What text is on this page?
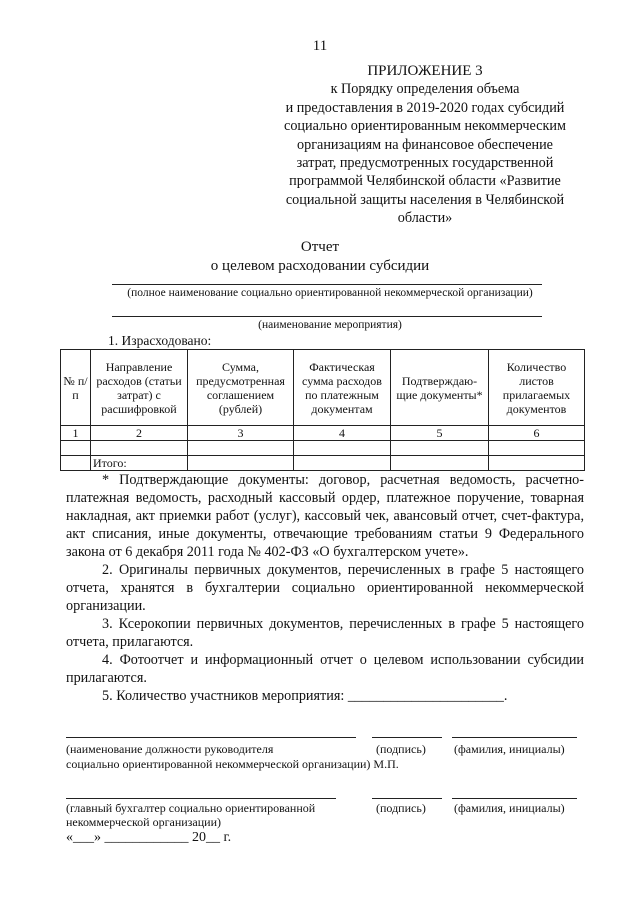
11
ПРИЛОЖЕНИЕ 3
к Порядку определения объема
и предоставления в 2019-2020 годах субсидий
социально ориентированным некоммерческим
организациям на финансовое обеспечение
затрат, предусмотренных государственной
программой Челябинской области «Развитие
социальной защиты населения в Челябинской
области»
Отчет
о целевом расходовании субсидии
(полное наименование социально ориентированной некоммерческой организации)
(наименование мероприятия)
1. Израсходовано:
№ п/п	Направление расходов (статьи затрат) с расшифровкой	Сумма, предусмотренная соглашением (рублей)	Фактическая сумма расходов по платежным документам	Подтверждаю-щие документы*	Количество листов прилагаемых документов
1	2	3	4	5	6

	Итого:				

* Подтверждающие документы: договор, расчетная ведомость, расчетно-платежная ведомость, расходный кассовый ордер, платежное поручение, товарная накладная, акт приемки работ (услуг), кассовый чек, авансовый отчет, счет-фактура, акт списания, иные документы, отвечающие требованиям статьи 9 Федерального закона от 6 декабря 2011 года № 402-ФЗ «О бухгалтерском учете».

2. Оригиналы первичных документов, перечисленных в графе 5 настоящего отчета, хранятся в бухгалтерии социально ориентированной некоммерческой организации.

3. Ксерокопии первичных документов, перечисленных в графе 5 настоящего отчета, прилагаются.

4. Фотоотчет и информационный отчет о целевом использовании субсидии прилагаются.

5. Количество участников мероприятия: ______________________.

(наименование должности руководителя
социально ориентированной некоммерческой организации) М.П.
(подпись) (фамилия, инициалы)
(главный бухгалтер социально ориентированной
некоммерческой организации)
(подпись) (фамилия, инициалы)
«___» ____________ 20__ г.
